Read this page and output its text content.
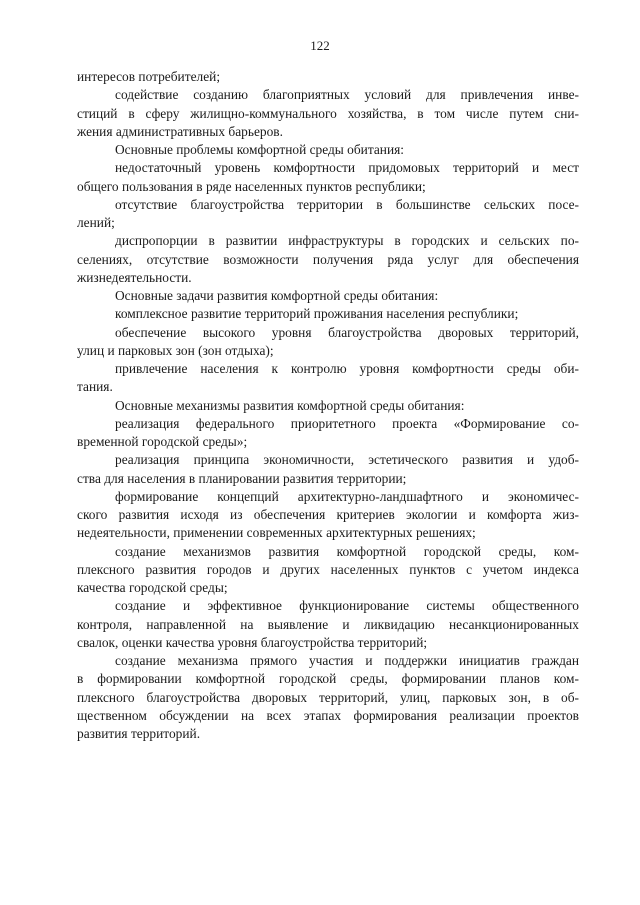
122

интересов потребителей;

содействие созданию благоприятных условий для привлечения инве-
стиций в сферу жилищно-коммунального хозяйства, в том числе путем сни-
жения административных барьеров.

Основные проблемы комфортной среды обитания:

недостаточный уровень комфортности придомовых территорий и мест
общего пользования в ряде населенных пунктов республики;

отсутствие благоустройства территории в большинстве сельских посе-
лений;

диспропорции в развитии инфраструктуры в городских и сельских по-
селениях, отсутствие возможности получения ряда услуг для обеспечения
жизнедеятельности.

Основные задачи развития комфортной среды обитания:

комплексное развитие территорий проживания населения республики;

обеспечение высокого уровня благоустройства дворовых территорий,
улиц и парковых зон (зон отдыха);

привлечение населения к контролю уровня комфортности среды оби-
тания.

Основные механизмы развития комфортной среды обитания:

реализация федерального приоритетного проекта «Формирование со-
временной городской среды»;

реализация принципа экономичности, эстетического развития и удоб-
ства для населения в планировании развития территории;

формирование концепций архитектурно-ландшафтного и экономичес-
ского развития исходя из обеспечения критериев экологии и комфорта жиз-
недеятельности, применении современных архитектурных решениях;

создание механизмов развития комфортной городской среды, ком-
плексного развития городов и других населенных пунктов с учетом индекса
качества городской среды;

создание и эффективное функционирование системы общественного
контроля, направленной на выявление и ликвидацию несанкционированных
свалок, оценки качества уровня благоустройства территорий;

создание механизма прямого участия и поддержки инициатив граждан
в формировании комфортной городской среды, формировании планов ком-
плексного благоустройства дворовых территорий, улиц, парковых зон, в об-
щественном обсуждении на всех этапах формирования реализации проектов
развития территорий.
